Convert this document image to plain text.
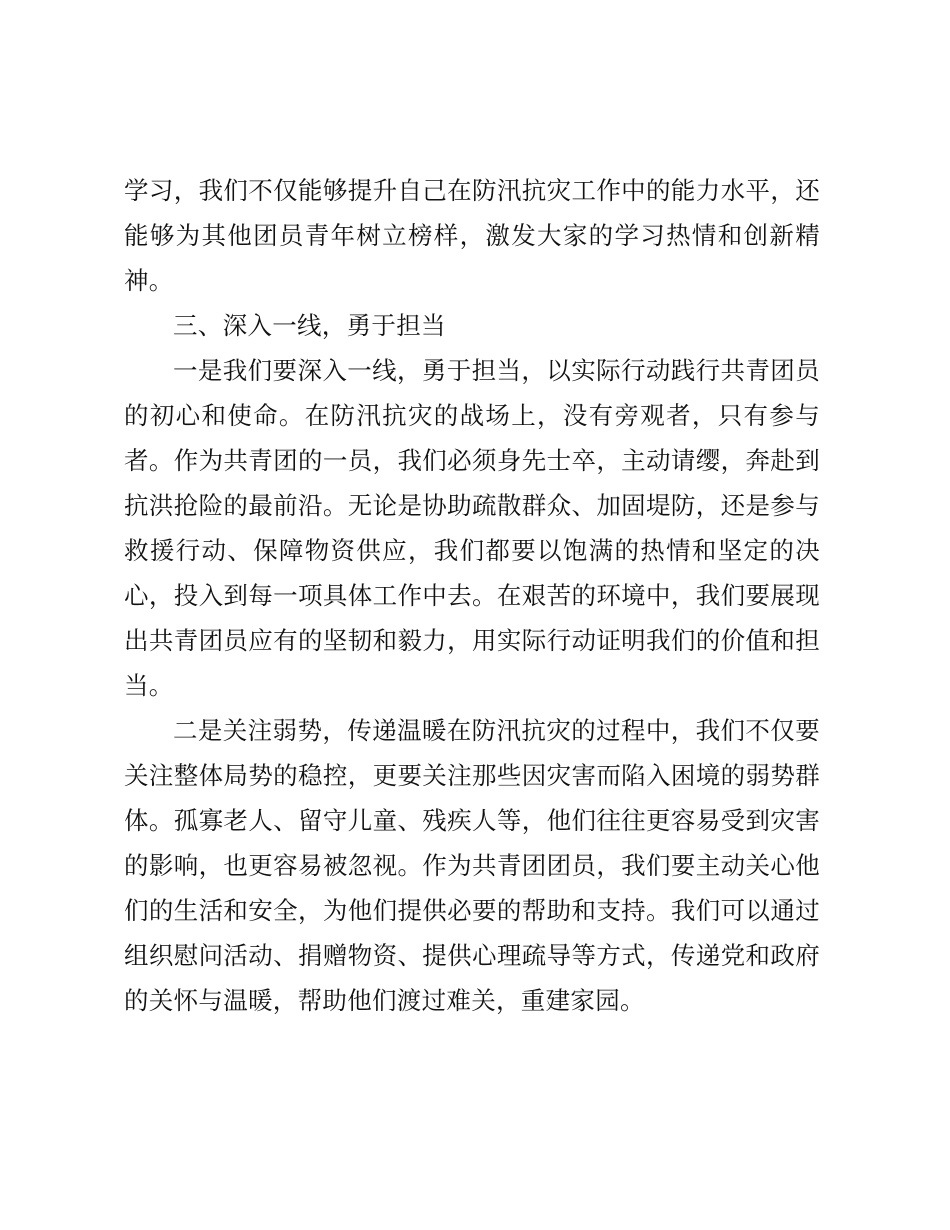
学习，我们不仅能够提升自己在防汛抗灾工作中的能力水平，还能够为其他团员青年树立榜样，激发大家的学习热情和创新精神。

三、深入一线，勇于担当

一是我们要深入一线，勇于担当，以实际行动践行共青团员的初心和使命。在防汛抗灾的战场上，没有旁观者，只有参与者。作为共青团的一员，我们必须身先士卒，主动请缨，奔赴到抗洪抢险的最前沿。无论是协助疏散群众、加固堤防，还是参与救援行动、保障物资供应，我们都要以饱满的热情和坚定的决心，投入到每一项具体工作中去。在艰苦的环境中，我们要展现出共青团员应有的坚韧和毅力，用实际行动证明我们的价值和担当。

二是关注弱势，传递温暖在防汛抗灾的过程中，我们不仅要关注整体局势的稳控，更要关注那些因灾害而陷入困境的弱势群体。孤寡老人、留守儿童、残疾人等，他们往往更容易受到灾害的影响，也更容易被忽视。作为共青团团员，我们要主动关心他们的生活和安全，为他们提供必要的帮助和支持。我们可以通过组织慰问活动、捐赠物资、提供心理疏导等方式，传递党和政府的关怀与温暖，帮助他们渡过难关，重建家园。
